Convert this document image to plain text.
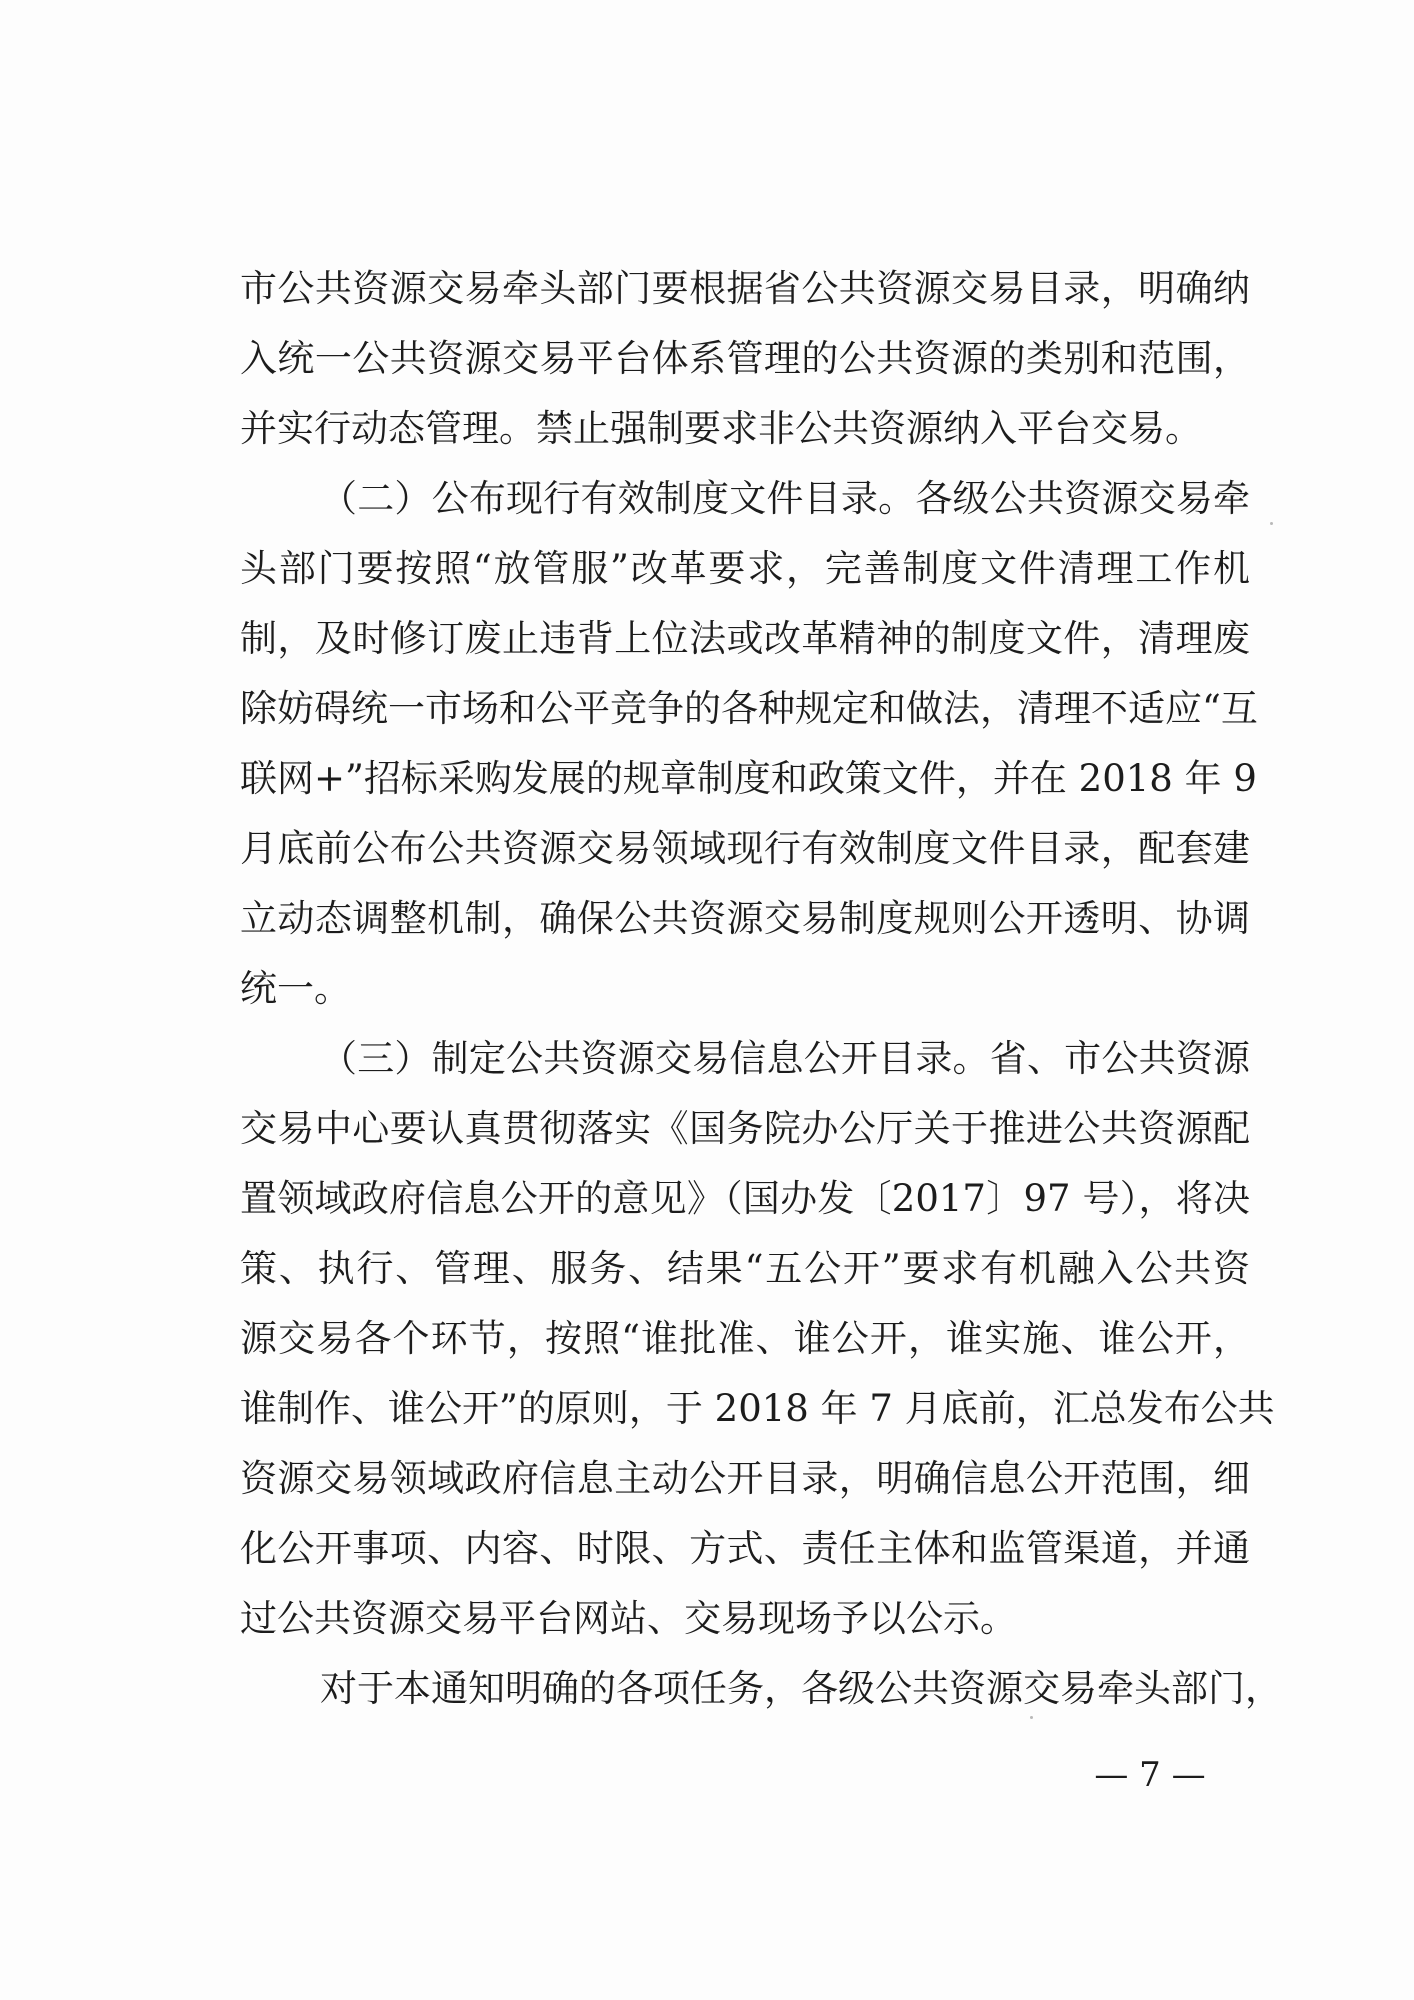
市公共资源交易牵头部门要根据省公共资源交易目录，明确纳
入统一公共资源交易平台体系管理的公共资源的类别和范围，
并实行动态管理。禁止强制要求非公共资源纳入平台交易。
（二）公布现行有效制度文件目录。各级公共资源交易牵
头部门要按照“放管服”改革要求，完善制度文件清理工作机
制，及时修订废止违背上位法或改革精神的制度文件，清理废
除妨碍统一市场和公平竞争的各种规定和做法，清理不适应“互
联网+”招标采购发展的规章制度和政策文件，并在 2018 年 9
月底前公布公共资源交易领域现行有效制度文件目录，配套建
立动态调整机制，确保公共资源交易制度规则公开透明、协调
统一。
（三）制定公共资源交易信息公开目录。省、市公共资源
交易中心要认真贯彻落实《国务院办公厅关于推进公共资源配
置领域政府信息公开的意见》（国办发〔2017〕97 号），将决
策、执行、管理、服务、结果“五公开”要求有机融入公共资
源交易各个环节，按照“谁批准、谁公开，谁实施、谁公开，
谁制作、谁公开”的原则，于 2018 年 7 月底前，汇总发布公共
资源交易领域政府信息主动公开目录，明确信息公开范围，细
化公开事项、内容、时限、方式、责任主体和监管渠道，并通
过公共资源交易平台网站、交易现场予以公示。
对于本通知明确的各项任务，各级公共资源交易牵头部门，
— 7 —
